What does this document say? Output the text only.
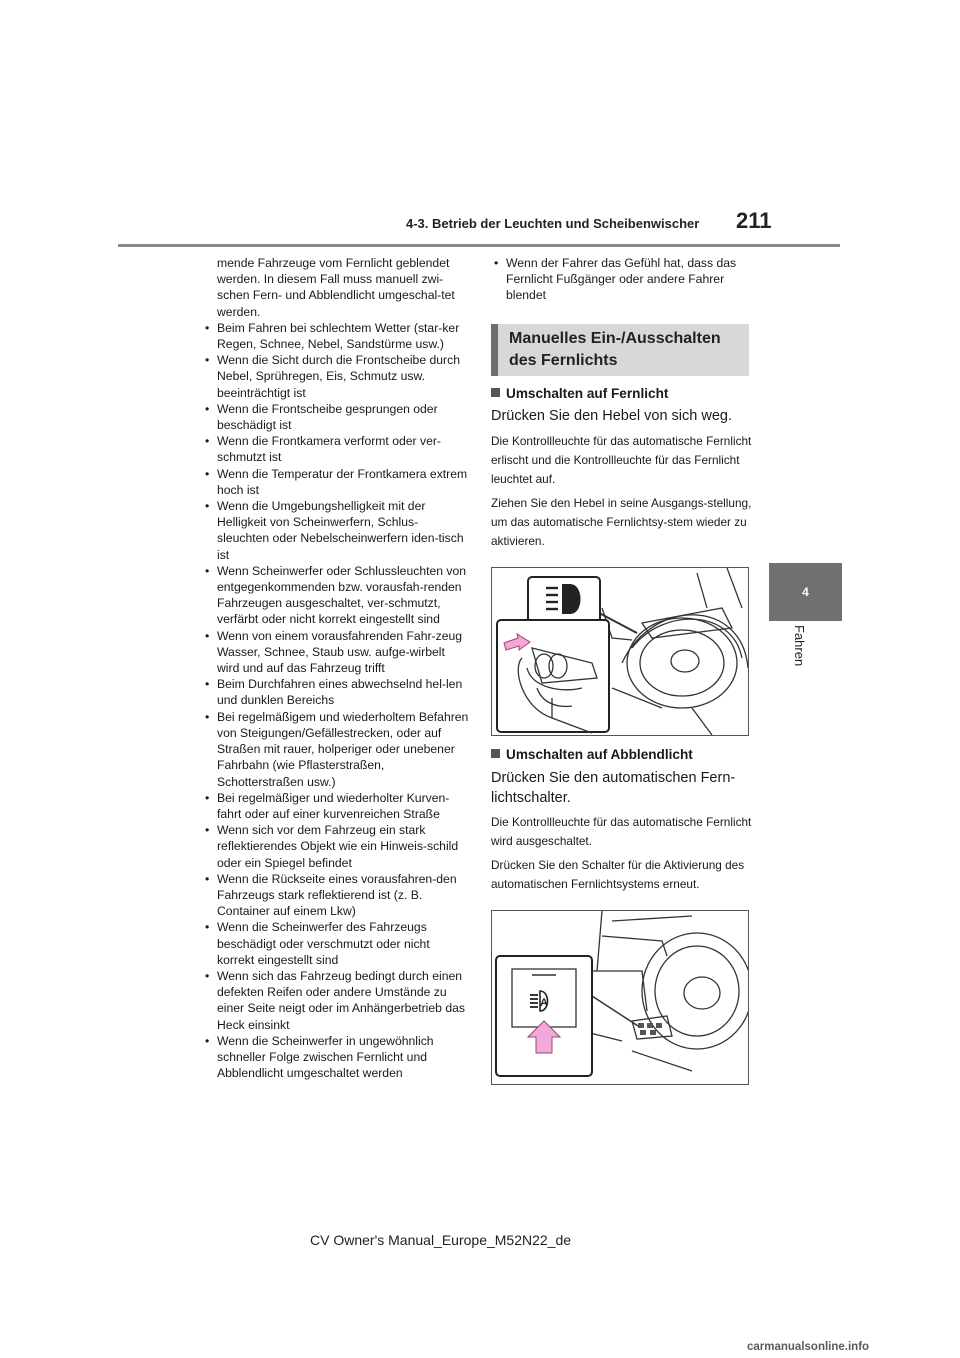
4-3. Betrieb der Leuchten und Scheibenwischer 211
4
Fahren

mende Fahrzeuge vom Fernlicht geblendet werden. In diesem Fall muss manuell zwi-schen Fern- und Abblendlicht umgeschal-tet werden.

• Beim Fahren bei schlechtem Wetter (star-ker Regen, Schnee, Nebel, Sandstürme usw.)
• Wenn die Sicht durch die Frontscheibe durch Nebel, Sprühregen, Eis, Schmutz usw. beeinträchtigt ist
• Wenn die Frontscheibe gesprungen oder beschädigt ist
• Wenn die Frontkamera verformt oder ver-schmutzt ist
• Wenn die Temperatur der Frontkamera extrem hoch ist
• Wenn die Umgebungshelligkeit mit der Helligkeit von Scheinwerfern, Schlus-sleuchten oder Nebelscheinwerfern iden-tisch ist
• Wenn Scheinwerfer oder Schlussleuchten von entgegenkommenden bzw. vorausfah-renden Fahrzeugen ausgeschaltet, ver-schmutzt, verfärbt oder nicht korrekt eingestellt sind
• Wenn von einem vorausfahrenden Fahr-zeug Wasser, Schnee, Staub usw. aufge-wirbelt wird und auf das Fahrzeug trifft
• Beim Durchfahren eines abwechselnd hel-len und dunklen Bereichs
• Bei regelmäßigem und wiederholtem Befahren von Steigungen/Gefällestrecken, oder auf Straßen mit rauer, holperiger oder unebener Fahrbahn (wie Pflasterstraßen, Schotterstraßen usw.)
• Bei regelmäßiger und wiederholter Kurven-fahrt oder auf einer kurvenreichen Straße
• Wenn sich vor dem Fahrzeug ein stark reflektierendes Objekt wie ein Hinweis-schild oder ein Spiegel befindet
• Wenn die Rückseite eines vorausfahren-den Fahrzeugs stark reflektierend ist (z. B. Container auf einem Lkw)
• Wenn die Scheinwerfer des Fahrzeugs beschädigt oder verschmutzt oder nicht korrekt eingestellt sind
• Wenn sich das Fahrzeug bedingt durch einen defekten Reifen oder andere Umstände zu einer Seite neigt oder im Anhängerbetrieb das Heck einsinkt
• Wenn die Scheinwerfer in ungewöhnlich schneller Folge zwischen Fernlicht und Abblendlicht umgeschaltet werden
• Wenn der Fahrer das Gefühl hat, dass das Fernlicht Fußgänger oder andere Fahrer blendet
Manuelles Ein-/Ausschalten des Fernlichts
Umschalten auf Fernlicht
Drücken Sie den Hebel von sich weg.

Die Kontrollleuchte für das automatische Fernlicht erlischt und die Kontrollleuchte für das Fernlicht leuchtet auf.

Ziehen Sie den Hebel in seine Ausgangs-stellung, um das automatische Fernlichtsy-stem wieder zu aktivieren.

Umschalten auf Abblendlicht
Drücken Sie den automatischen Fern-lichtschalter.

Die Kontrollleuchte für das automatische Fernlicht wird ausgeschaltet.

Drücken Sie den Schalter für die Aktivierung des automatischen Fernlichtsystems erneut.

A
CV Owner's Manual_Europe_M52N22_de
carmanualsonline.info
